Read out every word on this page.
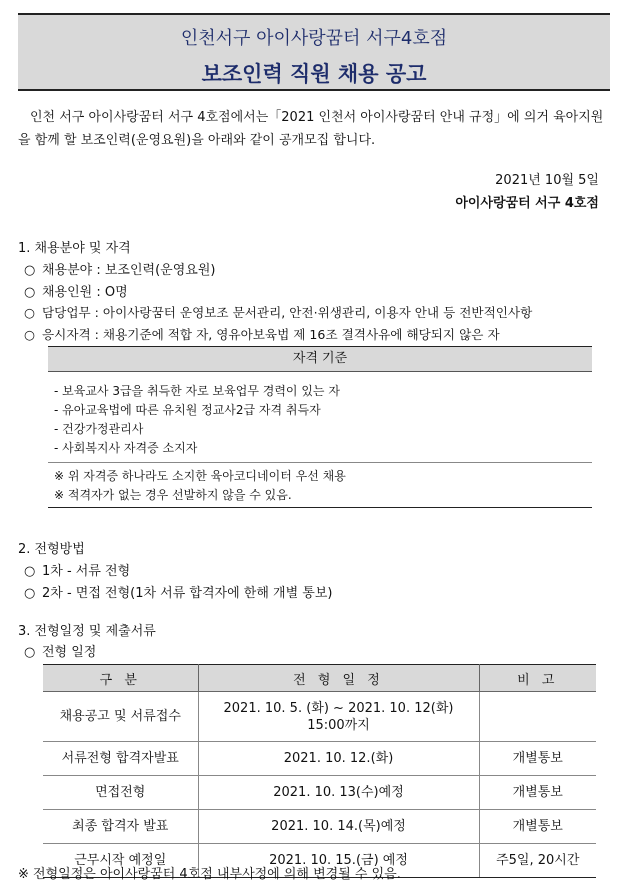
인천서구 아이사랑꿈터 서구4호점
보조인력 직원 채용 공고

인천 서구 아이사랑꿈터 서구 4호점에서는「2021 인천서 아이사랑꿈터 안내 규정」에 의거 육아지원을 함께 할 보조인력(운영요원)을 아래와 같이 공개모집 합니다.

2021년 10월 5일
아이사랑꿈터 서구 4호점
1. 채용분야 및 자격
○ 채용분야 : 보조인력(운영요원)
○ 채용인원 : O명
○ 담당업무 : 아이사랑꿈터 운영보조 문서관리, 안전·위생관리, 이용자 안내 등 전반적인사항
○ 응시자격 : 채용기준에 적합 자, 영유아보육법 제 16조 결격사유에 해당되지 않은 자
자격 기준
- 보육교사 3급을 취득한 자로 보육업무 경력이 있는 자
- 유아교육법에 따른 유치원 정교사2급 자격 취득자
- 건강가정관리사
- 사회복지사 자격증 소지자
※ 위 자격증 하나라도 소지한 육아코디네이터 우선 채용
※ 적격자가 없는 경우 선발하지 않을 수 있음.
2. 전형방법
○ 1차 - 서류 전형
○ 2차 - 면접 전형(1차 서류 합격자에 한해 개별 통보)
3. 전형일정 및 제출서류
○ 전형 일정
구 분	전 형 일 정	비 고
채용공고 및 서류접수	2021. 10. 5. (화) ~ 2021. 10. 12(화)
15:00까지	
서류전형 합격자발표	2021. 10. 12.(화)	개별통보
면접전형	2021. 10. 13(수)예정	개별통보
최종 합격자 발표	2021. 10. 14.(목)예정	개별통보
근무시작 예정일	2021. 10. 15.(금) 예정	주5일, 20시간
※ 전형일정은 아이사랑꿈터 4호점 내부사정에 의해 변경될 수 있음.
